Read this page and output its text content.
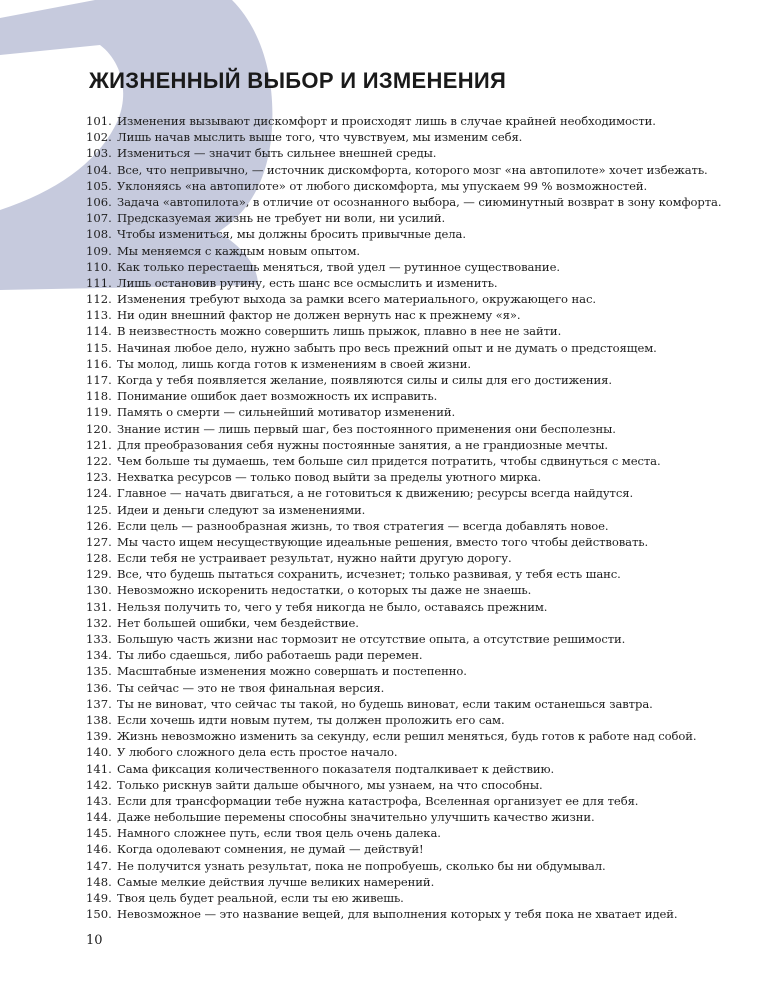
ЖИЗНЕННЫЙ ВЫБОР И ИЗМЕНЕНИЯ
101. Изменения вызывают дискомфорт и происходят лишь в случае крайней необходимости.
102. Лишь начав мыслить выше того, что чувствуем, мы изменим себя.
103. Измениться — значит быть сильнее внешней среды.
104. Все, что непривычно, — источник дискомфорта, которого мозг «на автопилоте» хочет избежать.
105. Уклоняясь «на автопилоте» от любого дискомфорта, мы упускаем 99 % возможностей.
106. Задача «автопилота», в отличие от осознанного выбора, — сиюминутный возврат в зону комфорта.
107. Предсказуемая жизнь не требует ни воли, ни усилий.
108. Чтобы измениться, мы должны бросить привычные дела.
109. Мы меняемся с каждым новым опытом.
110. Как только перестаешь меняться, твой удел — рутинное существование.
111. Лишь остановив рутину, есть шанс все осмыслить и изменить.
112. Изменения требуют выхода за рамки всего материального, окружающего нас.
113. Ни один внешний фактор не должен вернуть нас к прежнему «я».
114. В неизвестность можно совершить лишь прыжок, плавно в нее не зайти.
115. Начиная любое дело, нужно забыть про весь прежний опыт и не думать о предстоящем.
116. Ты молод, лишь когда готов к изменениям в своей жизни.
117. Когда у тебя появляется желание, появляются силы и силы для его достижения.
118. Понимание ошибок дает возможность их исправить.
119. Память о смерти — сильнейший мотиватор изменений.
120. Знание истин — лишь первый шаг, без постоянного применения они бесполезны.
121. Для преобразования себя нужны постоянные занятия, а не грандиозные мечты.
122. Чем больше ты думаешь, тем больше сил придется потратить, чтобы сдвинуться с места.
123. Нехватка ресурсов — только повод выйти за пределы уютного мирка.
124. Главное — начать двигаться, а не готовиться к движению; ресурсы всегда найдутся.
125. Идеи и деньги следуют за изменениями.
126. Если цель — разнообразная жизнь, то твоя стратегия — всегда добавлять новое.
127. Мы часто ищем несуществующие идеальные решения, вместо того чтобы действовать.
128. Если тебя не устраивает результат, нужно найти другую дорогу.
129. Все, что будешь пытаться сохранить, исчезнет; только развивая, у тебя есть шанс.
130. Невозможно искоренить недостатки, о которых ты даже не знаешь.
131. Нельзя получить то, чего у тебя никогда не было, оставаясь прежним.
132. Нет большей ошибки, чем бездействие.
133. Большую часть жизни нас тормозит не отсутствие опыта, а отсутствие решимости.
134. Ты либо сдаешься, либо работаешь ради перемен.
135. Масштабные изменения можно совершать и постепенно.
136. Ты сейчас — это не твоя финальная версия.
137. Ты не виноват, что сейчас ты такой, но будешь виноват, если таким останешься завтра.
138. Если хочешь идти новым путем, ты должен проложить его сам.
139. Жизнь невозможно изменить за секунду, если решил меняться, будь готов к работе над собой.
140. У любого сложного дела есть простое начало.
141. Сама фиксация количественного показателя подталкивает к действию.
142. Только рискнув зайти дальше обычного, мы узнаем, на что способны.
143. Если для трансформации тебе нужна катастрофа, Вселенная организует ее для тебя.
144. Даже небольшие перемены способны значительно улучшить качество жизни.
145. Намного сложнее путь, если твоя цель очень далека.
146. Когда одолевают сомнения, не думай — действуй!
147. Не получится узнать результат, пока не попробуешь, сколько бы ни обдумывал.
148. Самые мелкие действия лучше великих намерений.
149. Твоя цель будет реальной, если ты ею живешь.
150. Невозможное — это название вещей, для выполнения которых у тебя пока не хватает идей.
10
